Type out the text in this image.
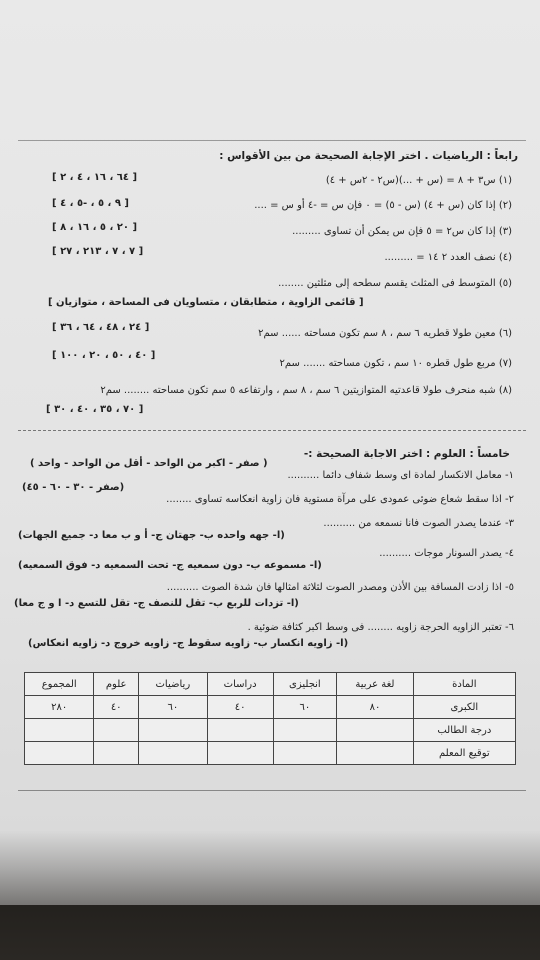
رابعاً : الرياضيات . اختر الإجابة الصحيحة من بين الأقواس :
(١) س٣ + ٨ = (س + ...)(س٢ - ٢س + ٤)
[ ٦٤ ، ١٦ ، ٤ ، ٢ ]
(٢) إذا كان (س + ٤) (س - ٥) = ٠ فإن س = -٤ أو س = ....
[ ٩ ، ٥ ، -٥ ، ٤ ]
(٣) إذا كان س٢ = ٥ فإن س يمكن أن تساوى .........
[ ٢٠ ، ٥ ، ١٦ ، ٨ ]
(٤) نصف العدد ٢ ١٤ = .........
[ ٧ ، ٧ ، ٢١٣ ، ٢٧ ]
(٥) المتوسط فى المثلث يقسم سطحه إلى مثلثين ........
[ قائمى الزاوية ، متطابقان ، متساويان فى المساحة ، متوازيان ]
(٦) معين طولا قطريه ٦ سم ، ٨ سم تكون مساحته ...... سم٢
[ ٢٤ ، ٤٨ ، ٦٤ ، ٣٦ ]
(٧) مربع طول قطره ١٠ سم ، تكون مساحته ....... سم٢
[ ٤٠ ، ٥٠ ، ٢٠ ، ١٠٠ ]
(٨) شبه منحرف طولا قاعدتيه المتوازيتين ٦ سم ، ٨ سم ، وارتفاعه ٥ سم تكون مساحته ........ سم٢
[ ٧٠ ، ٣٥ ، ٤٠ ، ٣٠ ]
خامساً : العلوم : اختر الاجابة الصحيحة :-
١- معامل الانكسار لمادة اى وسط شفاف دائما ..........
( صفر - اكبر من الواحد - أقل من الواحد - واحد )
٢- اذا سقط شعاع ضوئى عمودى على مرآة مستوية فان زاوية انعكاسه تساوى ........
(صفر - ٣٠ - ٦٠ - ٤٥)
٣- عندما يصدر الصوت فانا نسمعه من ..........
(ا- جهه واحده ب- جهتان ج- أ و ب معا د- جميع الجهات)
٤- يصدر السونار موجات ..........
(ا- مسموعه ب- دون سمعيه ج- تحت السمعيه د- فوق السمعيه)
٥- اذا زادت المسافة بين الأذن ومصدر الصوت لثلاثة امثالها فان شدة الصوت ..........
(ا- تزدات للربع ب- تقل للنصف ج- تقل للتسع د- ا و ج معا)
٦- تعتبر الزاويه الحرجة زاويه ........ فى وسط اكبر كثافة ضوئية .
(ا- زاويه انكسار ب- زاويه سقوط ج- زاويه خروج د- زاويه انعكاس)
المادة	لغة عربية	انجليزى	دراسات	رياضيات	علوم	المجموع
الكبرى	٨٠	٦٠	٤٠	٦٠	٤٠	٢٨٠
درجة الطالب						
توقيع المعلم						
